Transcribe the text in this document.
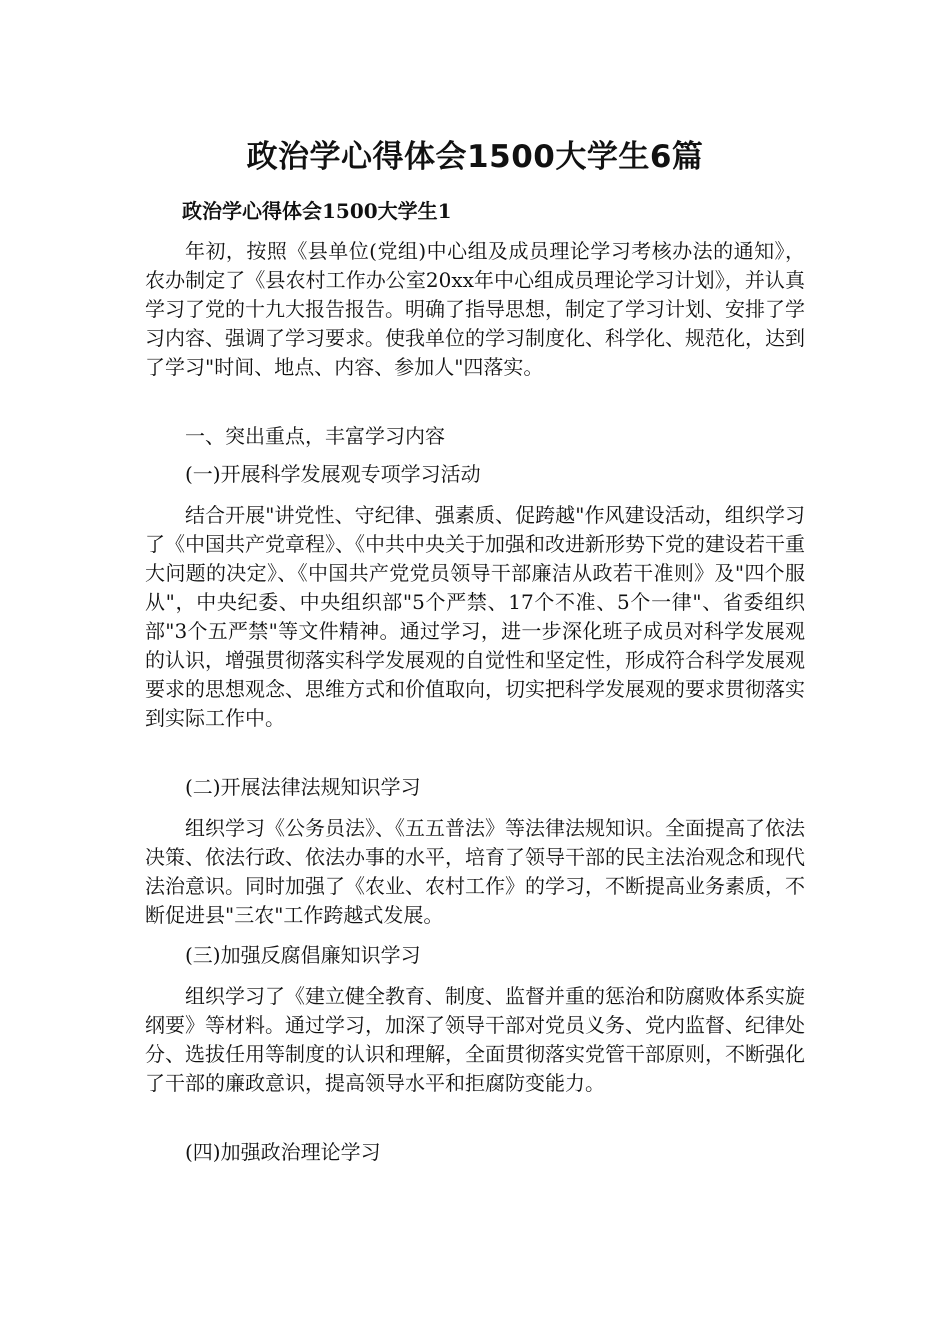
政治学心得体会1500大学生6篇
政治学心得体会1500大学生1

年初，按照《县单位(党组)中心组及成员理论学习考核办法的通知》，农办制定了《县农村工作办公室20xx年中心组成员理论学习计划》，并认真学习了党的十九大报告报告。明确了指导思想，制定了学习计划、安排了学习内容、强调了学习要求。使我单位的学习制度化、科学化、规范化，达到了学习"时间、地点、内容、参加人"四落实。

一、突出重点，丰富学习内容

(一)开展科学发展观专项学习活动

结合开展"讲党性、守纪律、强素质、促跨越"作风建设活动，组织学习了《中国共产党章程》、《中共中央关于加强和改进新形势下党的建设若干重大问题的决定》、《中国共产党党员领导干部廉洁从政若干准则》及"四个服从"，中央纪委、中央组织部"5个严禁、17个不准、5个一律"、省委组织部"3个五严禁"等文件精神。通过学习，进一步深化班子成员对科学发展观的认识，增强贯彻落实科学发展观的自觉性和坚定性，形成符合科学发展观要求的思想观念、思维方式和价值取向，切实把科学发展观的要求贯彻落实到实际工作中。

(二)开展法律法规知识学习

组织学习《公务员法》、《五五普法》等法律法规知识。全面提高了依法决策、依法行政、依法办事的水平，培育了领导干部的民主法治观念和现代法治意识。同时加强了《农业、农村工作》的学习，不断提高业务素质，不断促进县"三农"工作跨越式发展。

(三)加强反腐倡廉知识学习

组织学习了《建立健全教育、制度、监督并重的惩治和防腐败体系实旋纲要》等材料。通过学习，加深了领导干部对党员义务、党内监督、纪律处分、选拔任用等制度的认识和理解，全面贯彻落实党管干部原则，不断强化了干部的廉政意识，提高领导水平和拒腐防变能力。

(四)加强政治理论学习
